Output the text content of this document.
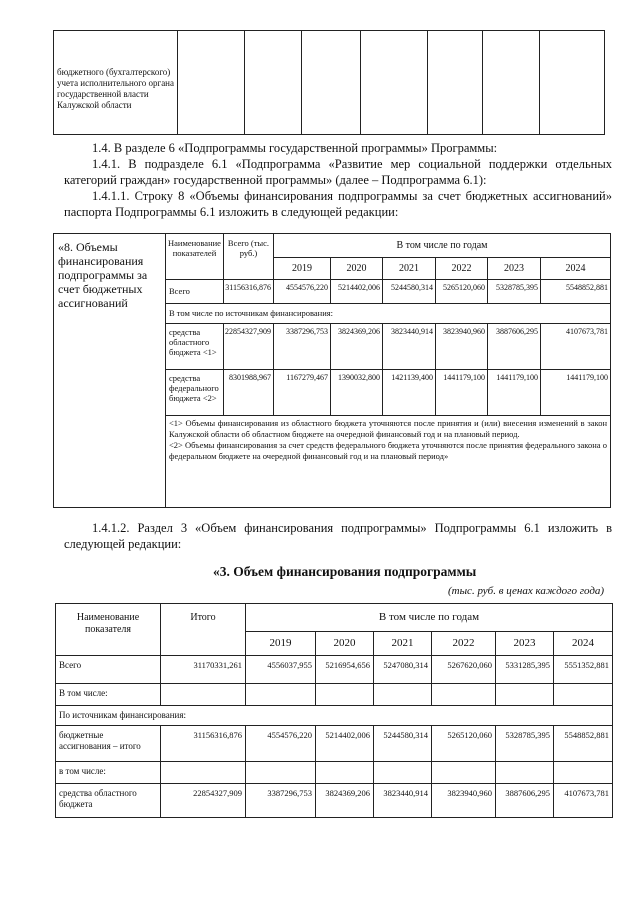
бюджетного (бухгалтерского) учета исполнительного органа государственной власти Калужской области							
1.4. В разделе 6 «Подпрограммы государственной программы» Программы:
1.4.1. В подразделе 6.1 «Подпрограмма «Развитие мер социальной поддержки отдельных категорий граждан» государственной программы» (далее – Подпрограмма 6.1):
1.4.1.1. Строку 8 «Объемы финансирования подпрограммы за счет бюджетных ассигнований» паспорта Подпрограммы 6.1 изложить в следующей редакции:
«8. Объемы финансирования подпрограммы за счет бюджетных ассигнований	Наименование показателей	Всего (тыс. руб.)	В том числе по годам					
			2019	2020	2021	2022	2023	2024
	Всего	31156316,876	4554576,220	5214402,006	5244580,314	5265120,060	5328785,395	5548852,881
	В том числе по источникам финансирования:							
	средства областного бюджета <1>	22854327,909	3387296,753	3824369,206	3823440,914	3823940,960	3887606,295	4107673,781
	средства федерального бюджета <2>	8301988,967	1167279,467	1390032,800	1421139,400	1441179,100	1441179,100	1441179,100

	<1> Объемы финансирования из областного бюджета уточняются после принятия и (или) внесения изменений в закон Калужской области об областном бюджете на очередной финансовый год и на плановый период.
<2> Объемы финансирования за счет средств федерального бюджета уточняются после принятия федерального закона о федеральном бюджете на очередной финансовый год и на плановый период»							
1.4.1.2. Раздел 3 «Объем финансирования подпрограммы» Подпрограммы 6.1 изложить в следующей редакции:
«3. Объем финансирования подпрограммы
(тыс. руб. в ценах каждого года)
Наименование показателя	Итого	В том числе по годам					
		2019	2020	2021	2022	2023	2024
Всего	31170331,261	4556037,955	5216954,656	5247080,314	5267620,060	5331285,395	5551352,881
В том числе:							
По источникам финансирования:							
бюджетные ассигнования – итого	31156316,876	4554576,220	5214402,006	5244580,314	5265120,060	5328785,395	5548852,881
в том числе:							
средства областного бюджета	22854327,909	3387296,753	3824369,206	3823440,914	3823940,960	3887606,295	4107673,781
